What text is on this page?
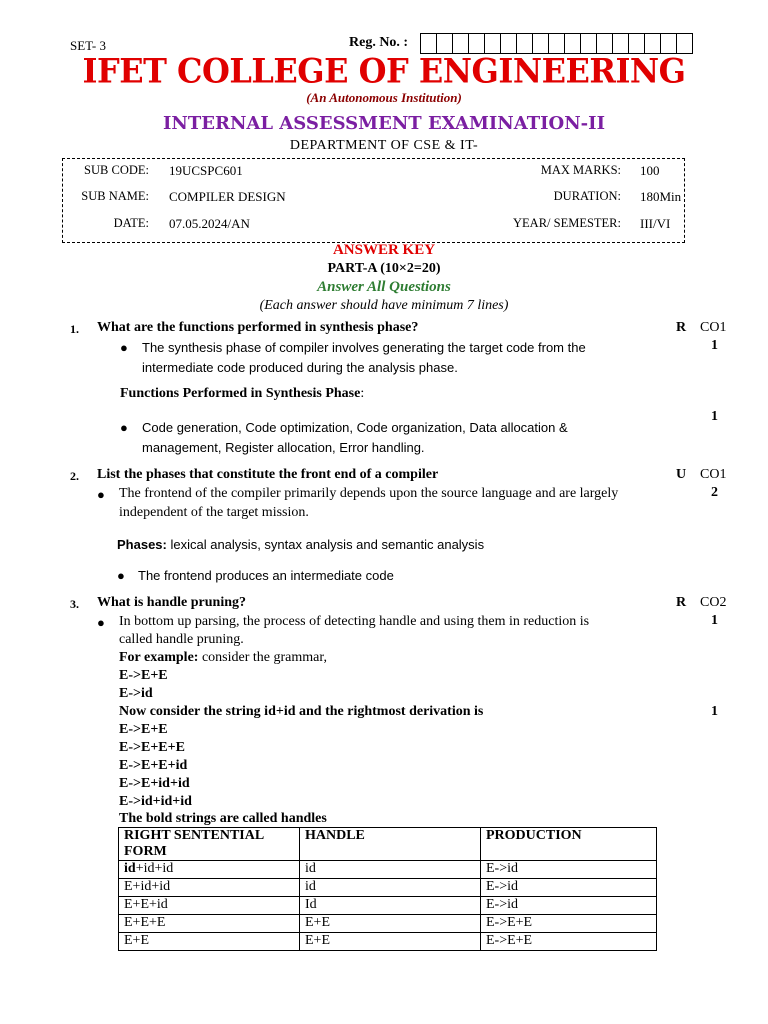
SET- 3	Reg. No. :
IFET COLLEGE OF ENGINEERING
(An Autonomous Institution)
INTERNAL ASSESSMENT EXAMINATION-II
DEPARTMENT OF CSE & IT-
SUB CODE: 19UCSPC601
SUB NAME: COMPILER DESIGN
DATE: 07.05.2024/AN
MAX MARKS: 100
DURATION: 180Min
YEAR/ SEMESTER: III/VI
ANSWER KEY
PART-A (10×2=20)
Answer All Questions
(Each answer should have minimum 7 lines)
1. What are the functions performed in synthesis phase?	R CO1
1
● The synthesis phase of compiler involves generating the target code from the
intermediate code produced during the analysis phase.
Functions Performed in Synthesis Phase:
1
● Code generation, Code optimization, Code organization, Data allocation &
management, Register allocation, Error handling.
2. List the phases that constitute the front end of a compiler	U CO1
2
● The frontend of the compiler primarily depends upon the source language and are largely
independent of the target mission.
Phases: lexical analysis, syntax analysis and semantic analysis
● The frontend produces an intermediate code
3. What is handle pruning?	R CO2
1
● In bottom up parsing, the process of detecting handle and using them in reduction is
called handle pruning.
For example: consider the grammar,
E->E+E
E->id
Now consider the string id+id and the rightmost derivation is	1
E->E+E
E->E+E+E
E->E+E+id
E->E+id+id
E->id+id+id
The bold strings are called handles
RIGHT SENTENTIAL FORM	HANDLE	PRODUCTION
id+id+id	id	E->id
E+id+id	id	E->id
E+E+id	Id	E->id
E+E+E	E+E	E->E+E
E+E	E+E	E->E+E
